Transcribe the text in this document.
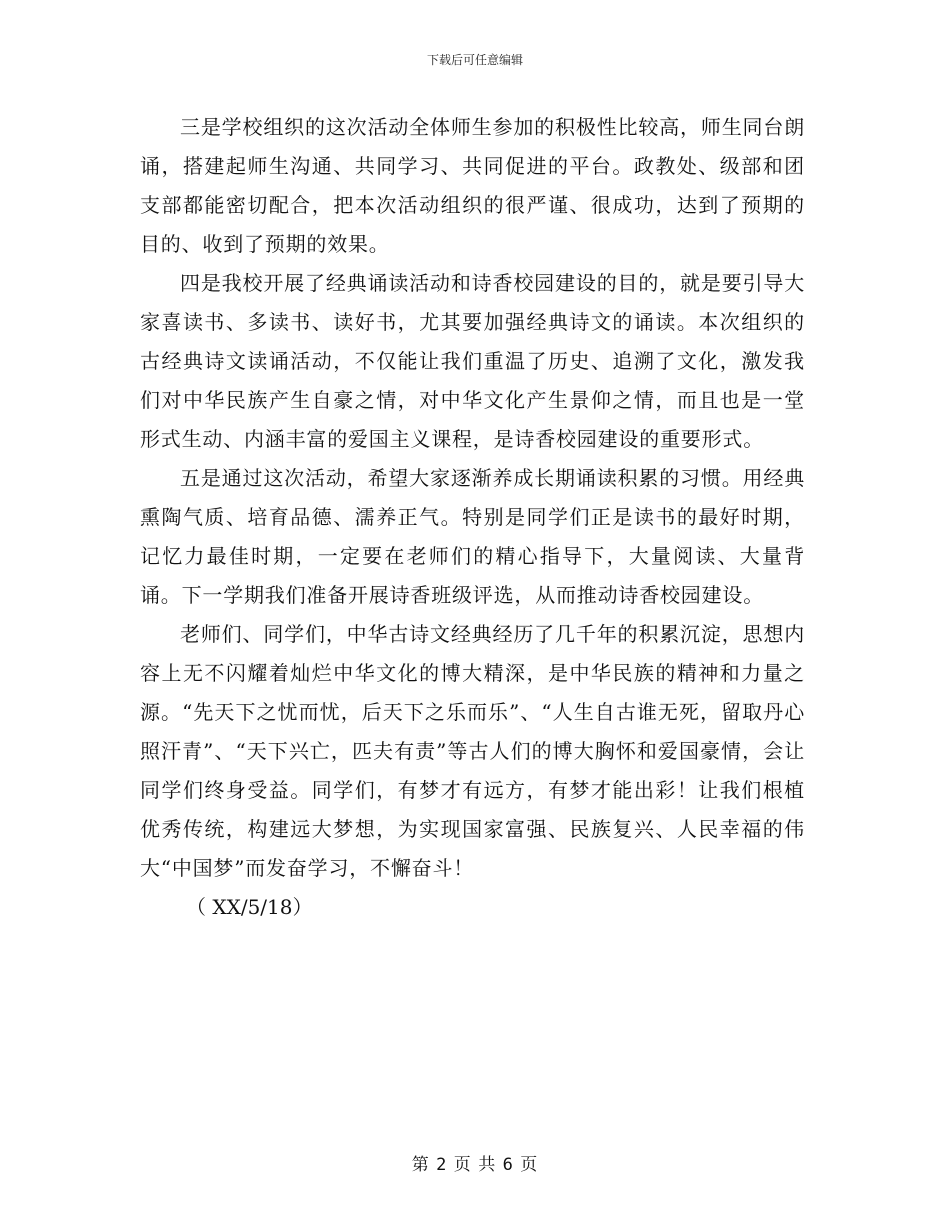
下载后可任意编辑

三是学校组织的这次活动全体师生参加的积极性比较高，师生同台朗诵，搭建起师生沟通、共同学习、共同促进的平台。政教处、级部和团支部都能密切配合，把本次活动组织的很严谨、很成功，达到了预期的目的、收到了预期的效果。

四是我校开展了经典诵读活动和诗香校园建设的目的，就是要引导大家喜读书、多读书、读好书，尤其要加强经典诗文的诵读。本次组织的古经典诗文读诵活动，不仅能让我们重温了历史、追溯了文化，激发我们对中华民族产生自豪之情，对中华文化产生景仰之情，而且也是一堂形式生动、内涵丰富的爱国主义课程，是诗香校园建设的重要形式。

五是通过这次活动，希望大家逐渐养成长期诵读积累的习惯。用经典熏陶气质、培育品德、濡养正气。特别是同学们正是读书的最好时期，记忆力最佳时期，一定要在老师们的精心指导下，大量阅读、大量背诵。下一学期我们准备开展诗香班级评选，从而推动诗香校园建设。

老师们、同学们，中华古诗文经典经历了几千年的积累沉淀，思想内容上无不闪耀着灿烂中华文化的博大精深，是中华民族的精神和力量之源。“先天下之忧而忧，后天下之乐而乐”、“人生自古谁无死，留取丹心照汗青”、“天下兴亡，匹夫有责”等古人们的博大胸怀和爱国豪情，会让同学们终身受益。同学们，有梦才有远方，有梦才能出彩！让我们根植优秀传统，构建远大梦想，为实现国家富强、民族复兴、人民幸福的伟大“中国梦”而发奋学习，不懈奋斗！

（ XX/5/18）

第 2 页 共 6 页
